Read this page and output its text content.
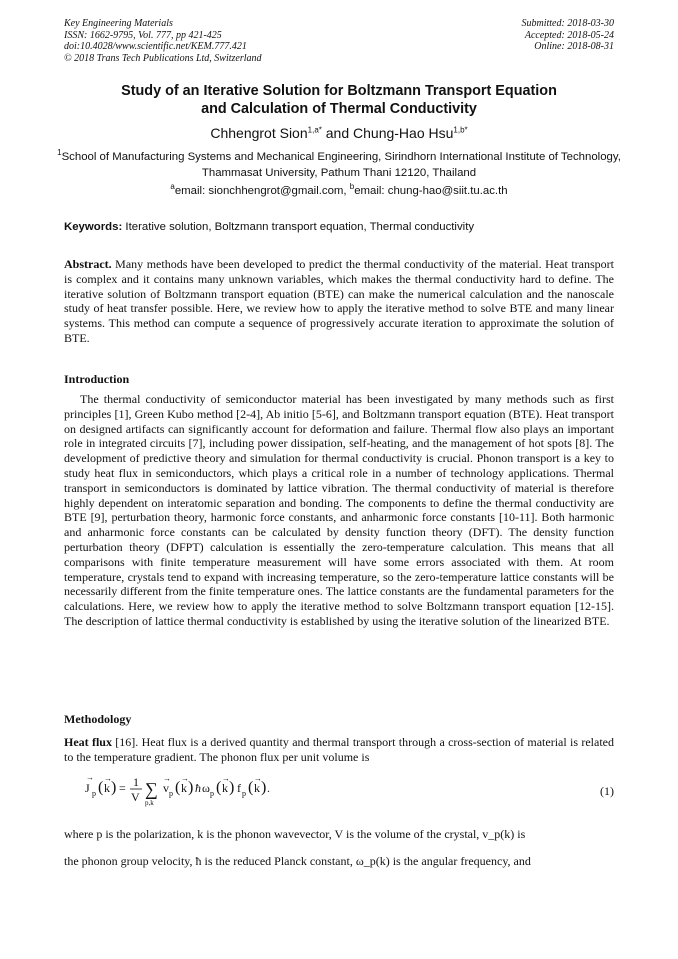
Key Engineering Materials
ISSN: 1662-9795, Vol. 777, pp 421-425
doi:10.4028/www.scientific.net/KEM.777.421
© 2018 Trans Tech Publications Ltd, Switzerland
Submitted: 2018-03-30
Accepted: 2018-05-24
Online: 2018-08-31
Study of an Iterative Solution for Boltzmann Transport Equation
and Calculation of Thermal Conductivity
Chhengrot Sion$^{1,a*}$ and Chung-Hao Hsu$^{1,b*}$
$^1$School of Manufacturing Systems and Mechanical Engineering, Sirindhorn International Institute of Technology, Thammasat University, Pathum Thani 12120, Thailand
$^a$email: sionchhengrot@gmail.com, $^b$email: chung-hao@siit.tu.ac.th
Keywords: Iterative solution, Boltzmann transport equation, Thermal conductivity
Abstract. Many methods have been developed to predict the thermal conductivity of the material. Heat transport is complex and it contains many unknown variables, which makes the thermal conductivity hard to define. The iterative solution of Boltzmann transport equation (BTE) can make the numerical calculation and the nanoscale study of heat transfer possible. Here, we review how to apply the iterative method to solve BTE and many linear systems. This method can compute a sequence of progressively accurate iteration to approximate the solution of BTE.
Introduction
The thermal conductivity of semiconductor material has been investigated by many methods such as first principles [1], Green Kubo method [2-4], Ab initio [5-6], and Boltzmann transport equation (BTE). Heat transport on designed artifacts can significantly account for deformation and failure. Thermal flow also plays an important role in integrated circuits [7], including power dissipation, self-heating, and the management of hot spots [8]. The development of predictive theory and simulation for thermal conductivity is crucial. Phonon transport is a key to study heat flux in semiconductors, which plays a critical role in a number of technology applications. Thermal transport in semiconductors is dominated by lattice vibration. The thermal conductivity of material is therefore highly dependent on interatomic separation and bonding. The components to define the thermal conductivity are BTE [9], perturbation theory, harmonic force constants, and anharmonic force constants [10-11]. Both harmonic and anharmonic force constants can be calculated by density function theory (DFT). The density function perturbation theory (DFPT) calculation is essentially the zero-temperature calculation. This means that all comparisons with finite temperature measurement will have some errors associated with them. At room temperature, crystals tend to expand with increasing temperature, so the zero-temperature lattice constants will be necessarily different from the finite temperature ones. The lattice constants are the fundamental parameters for the calculations. Here, we review how to apply the iterative method to solve Boltzmann transport equation [12-15]. The description of lattice thermal conductivity is established by using the iterative solution of the linearized BTE.
Methodology
Heat flux [16]. Heat flux is a derived quantity and thermal transport through a cross-section of material is related to the temperature gradient. The phonon flux per unit volume is
J
→
p ( k
→
) = 1
V ∑
p,k
v
→
p ( k
→
) ħ ω p ( k
→
) f p ( k
→
) .	(1)
where p is the polarization, k is the phonon wavevector, V is the volume of the crystal, v_p(k) is
the phonon group velocity, ħ is the reduced Planck constant, ω_p(k) is the angular frequency, and
